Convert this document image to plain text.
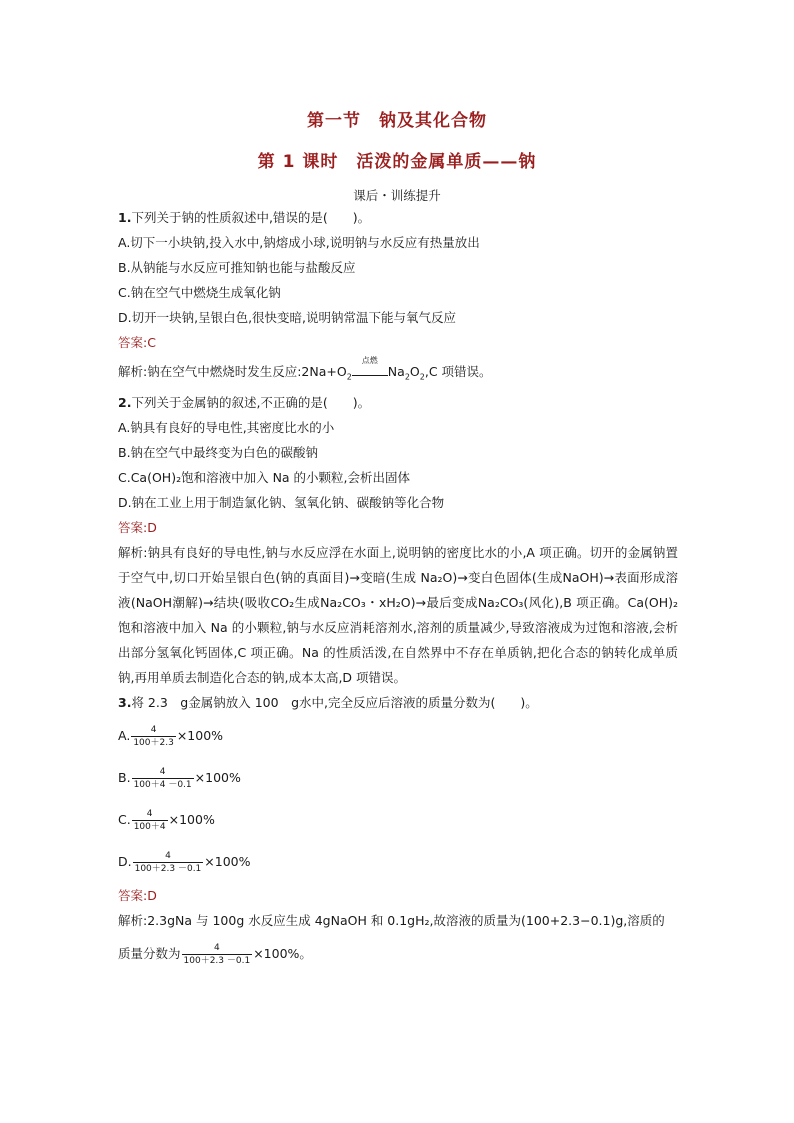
第一节　钠及其化合物
第 1 课时　活泼的金属单质——钠
课后・训练提升
1.下列关于钠的性质叙述中,错误的是(　　)。
A.切下一小块钠,投入水中,钠熔成小球,说明钠与水反应有热量放出
B.从钠能与水反应可推知钠也能与盐酸反应
C.钠在空气中燃烧生成氧化钠
D.切开一块钠,呈银白色,很快变暗,说明钠常温下能与氧气反应
答案:C
解析:钠在空气中燃烧时发生反应$:2Na+O_2$
点燃
$Na_2O_2,C$ 项错误。
2.下列关于金属钠的叙述,不正确的是(　　)。
A.钠具有良好的导电性,其密度比水的小
B.钠在空气中最终变为白色的碳酸钠
C.Ca(OH)₂饱和溶液中加入 Na 的小颗粒,会析出固体
D.钠在工业上用于制造氯化钠、氢氧化钠、碳酸钠等化合物
答案:D
解析:钠具有良好的导电性,钠与水反应浮在水面上,说明钠的密度比水的小,A 项正确。切开的金属钠置于空气中,切口开始呈银白色(钠的真面目)→变暗(生成 Na₂O)→变白色固体(生成NaOH)→表面形成溶液(NaOH潮解)→结块(吸收CO₂生成Na₂CO₃・xH₂O)→最后变成Na₂CO₃(风化),B 项正确。Ca(OH)₂饱和溶液中加入 Na 的小颗粒,钠与水反应消耗溶剂水,溶剂的质量减少,导致溶液成为过饱和溶液,会析出部分氢氧化钙固体,C 项正确。Na 的性质活泼,在自然界中不存在单质钠,把化合态的钠转化成单质钠,再用单质去制造化合态的钠,成本太高,D 项错误。
3.将 2.3　g金属钠放入 100　g水中,完全反应后溶液的质量分数为(　　)。
A. $\frac{4}{100+2.3} \times 100\%$
B. $\frac{4}{100+4 -0.1} \times 100\%$
C. $\frac{4}{100+4} \times 100\%$
D. $\frac{4}{100+2.3 -0.1} \times 100\%$
答案:D
解析:2.3gNa 与 100g 水反应生成 4gNaOH 和 0.1gH₂,故溶液的质量为(100+2.3−0.1)g,溶质的
质量分数为 $\frac{4}{100+2.3 -0.1} \times 100\%$。
